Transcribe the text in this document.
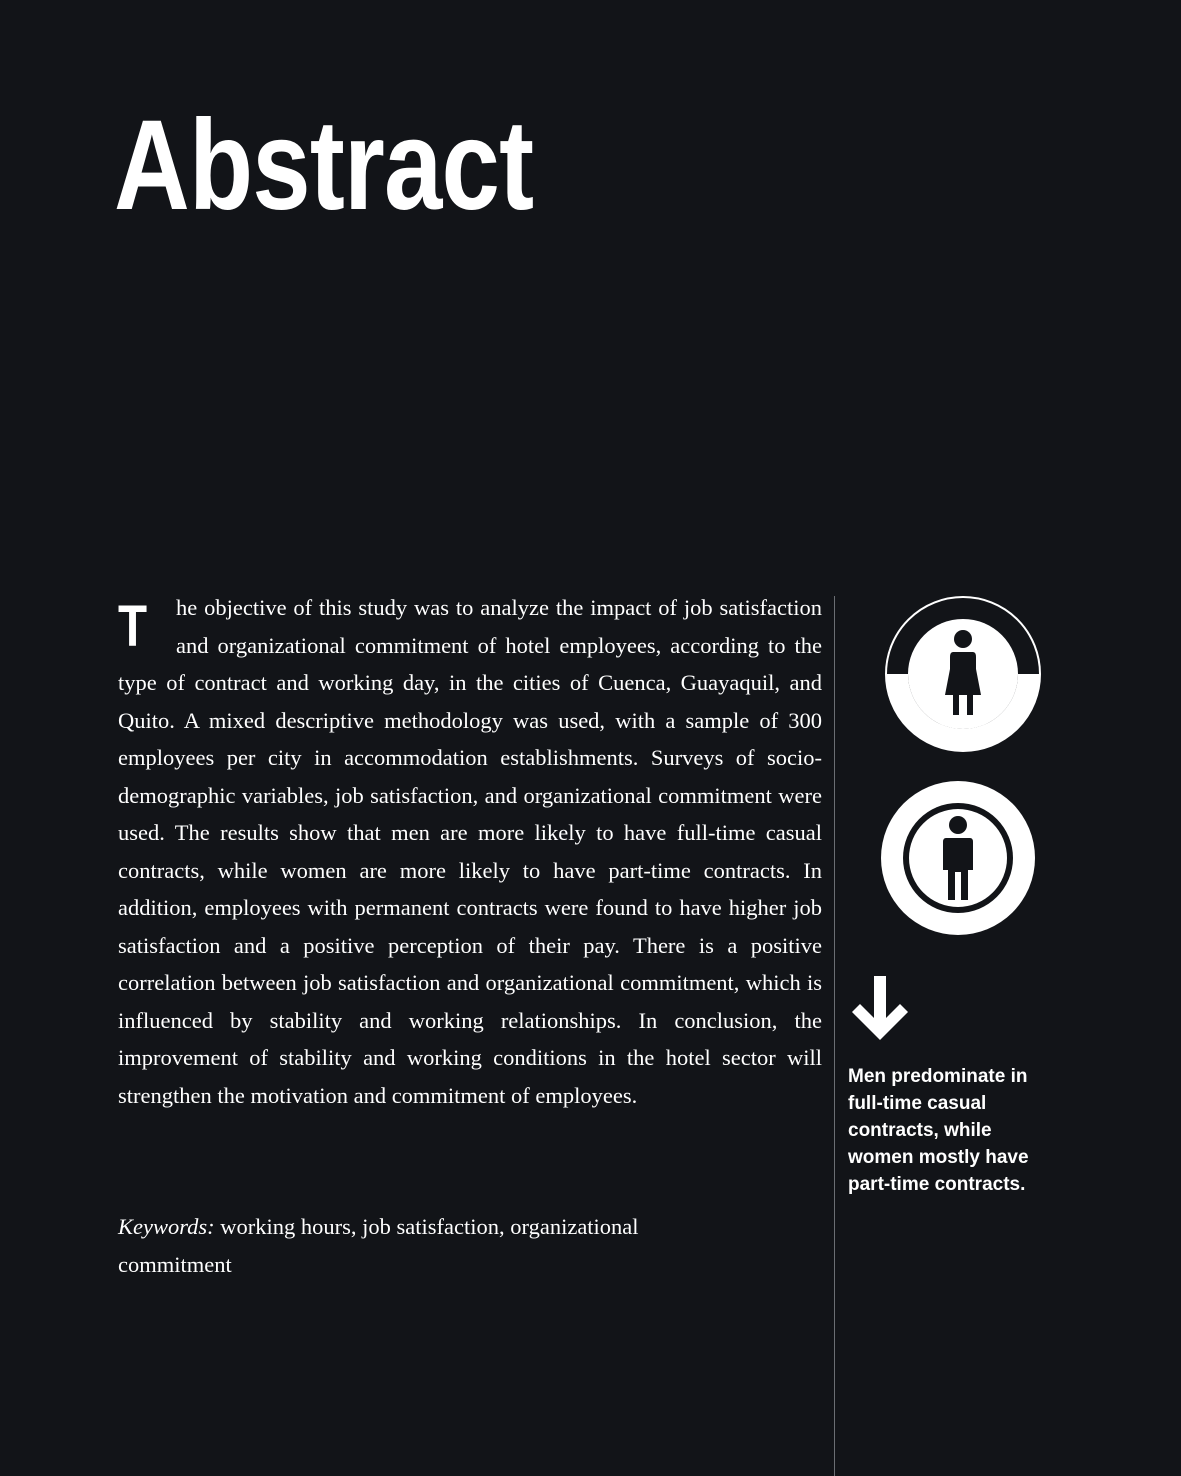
Abstract

T he objective of this study was to analyze the impact of job satisfaction and organizational commitment of hotel employees, according to the type of contract and working day, in the cities of Cuenca, Guayaquil, and Quito. A mixed descriptive methodology was used, with a sample of 300 employees per city in accommodation establishments. Surveys of socio-demographic variables, job satisfaction, and organizational commitment were used. The results show that men are more likely to have full-time casual contracts, while women are more likely to have part-time contracts. In addition, employees with permanent contracts were found to have higher job satisfaction and a positive perception of their pay. There is a positive correlation between job satisfaction and organizational commitment, which is influenced by stability and working relationships. In conclusion, the improvement of stability and working conditions in the hotel sector will strengthen the motivation and commitment of employees.

Keywords: working hours, job satisfaction, organizational commitment

Men predominate in full-time casual contracts, while women mostly have part-time contracts.
